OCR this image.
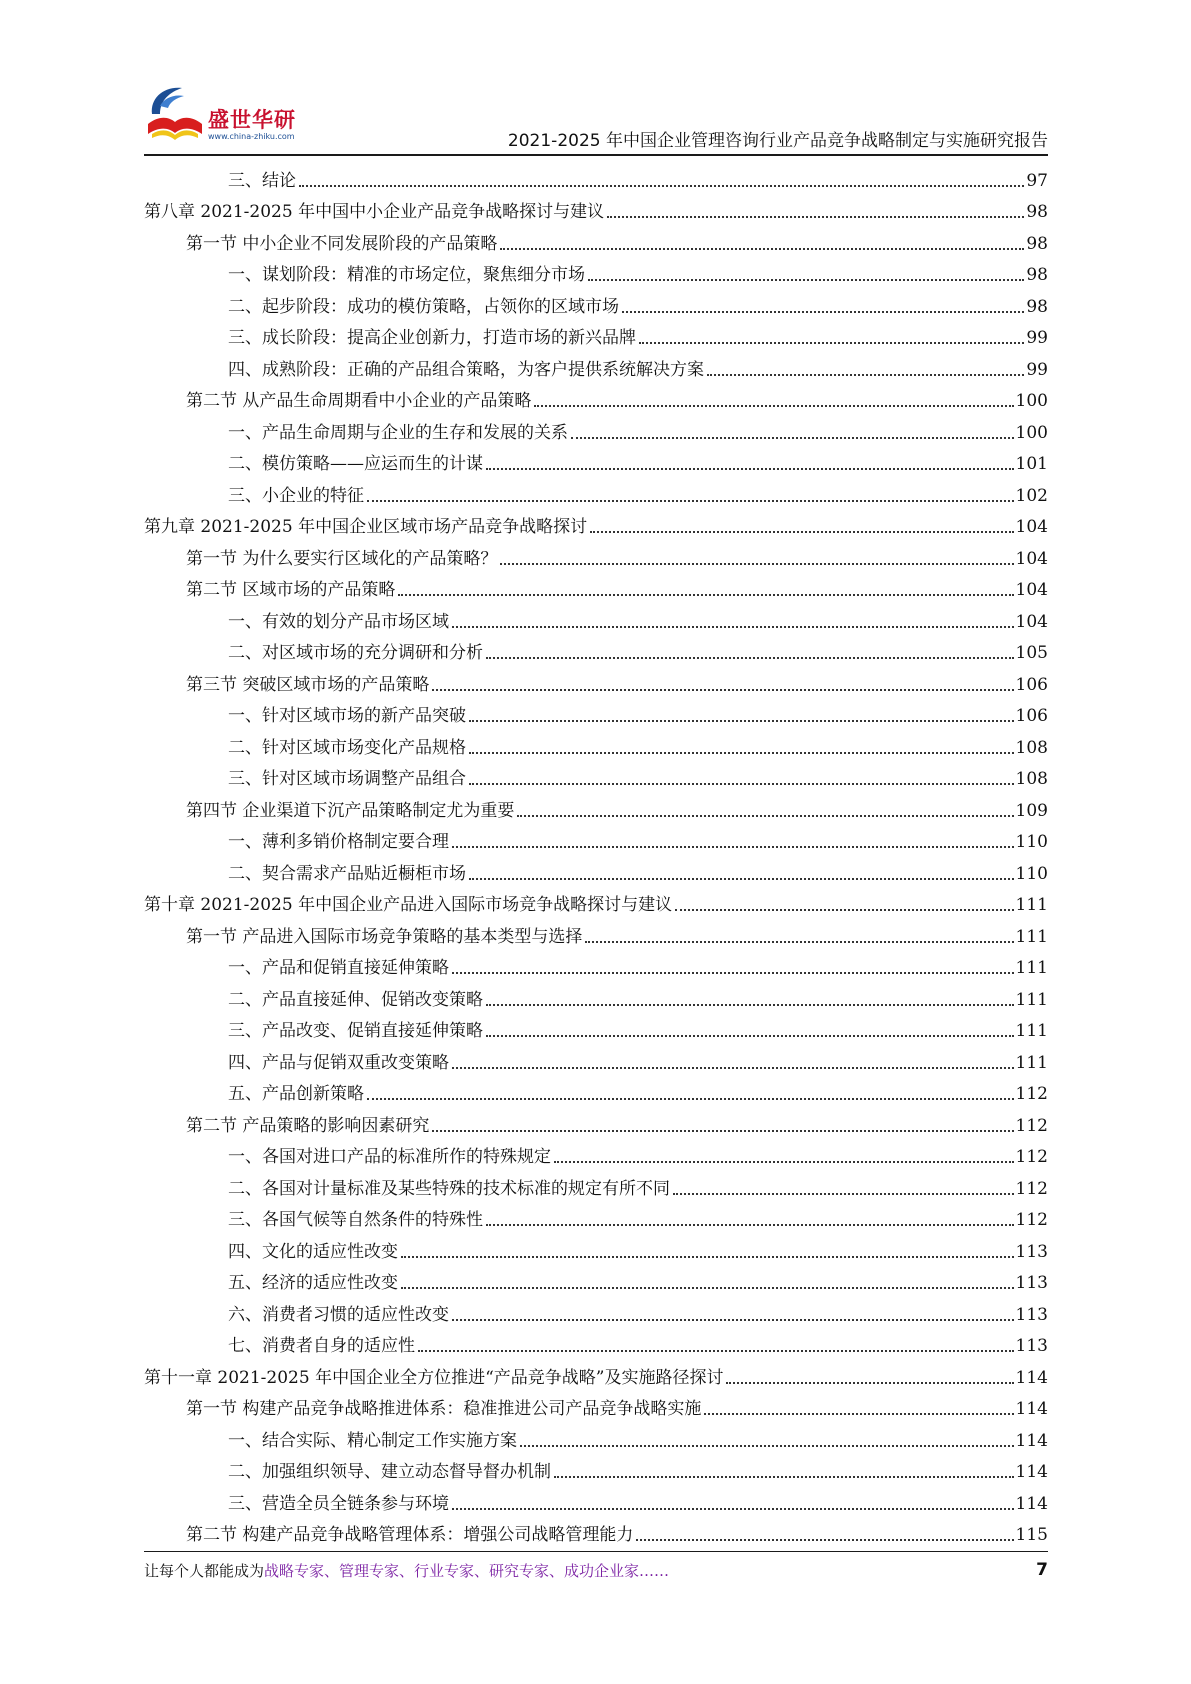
盛世华研
www.china-zhiku.com	2021-2025 年中国企业管理咨询行业产品竞争战略制定与实施研究报告
三、结论	97
第八章 2021-2025 年中国中小企业产品竞争战略探讨与建议	98
第一节 中小企业不同发展阶段的产品策略	98
一、谋划阶段：精准的市场定位，聚焦细分市场	98
二、起步阶段：成功的模仿策略，占领你的区域市场	98
三、成长阶段：提高企业创新力，打造市场的新兴品牌	99
四、成熟阶段：正确的产品组合策略，为客户提供系统解决方案	99
第二节 从产品生命周期看中小企业的产品策略	100
一、产品生命周期与企业的生存和发展的关系	100
二、模仿策略——应运而生的计谋	101
三、小企业的特征	102
第九章 2021-2025 年中国企业区域市场产品竞争战略探讨	104
第一节 为什么要实行区域化的产品策略？	104
第二节 区域市场的产品策略	104
一、有效的划分产品市场区域	104
二、对区域市场的充分调研和分析	105
第三节 突破区域市场的产品策略	106
一、针对区域市场的新产品突破	106
二、针对区域市场变化产品规格	108
三、针对区域市场调整产品组合	108
第四节 企业渠道下沉产品策略制定尤为重要	109
一、薄利多销价格制定要合理	110
二、契合需求产品贴近橱柜市场	110
第十章 2021-2025 年中国企业产品进入国际市场竞争战略探讨与建议	111
第一节 产品进入国际市场竞争策略的基本类型与选择	111
一、产品和促销直接延伸策略	111
二、产品直接延伸、促销改变策略	111
三、产品改变、促销直接延伸策略	111
四、产品与促销双重改变策略	111
五、产品创新策略	112
第二节 产品策略的影响因素研究	112
一、各国对进口产品的标准所作的特殊规定	112
二、各国对计量标准及某些特殊的技术标准的规定有所不同	112
三、各国气候等自然条件的特殊性	112
四、文化的适应性改变	113
五、经济的适应性改变	113
六、消费者习惯的适应性改变	113
七、消费者自身的适应性	113
第十一章 2021-2025 年中国企业全方位推进“产品竞争战略”及实施路径探讨	114
第一节 构建产品竞争战略推进体系：稳准推进公司产品竞争战略实施	114
一、结合实际、精心制定工作实施方案	114
二、加强组织领导、建立动态督导督办机制	114
三、营造全员全链条参与环境	114
第二节 构建产品竞争战略管理体系：增强公司战略管理能力	115
让每个人都能成为战略专家、管理专家、行业专家、研究专家、成功企业家……	7
